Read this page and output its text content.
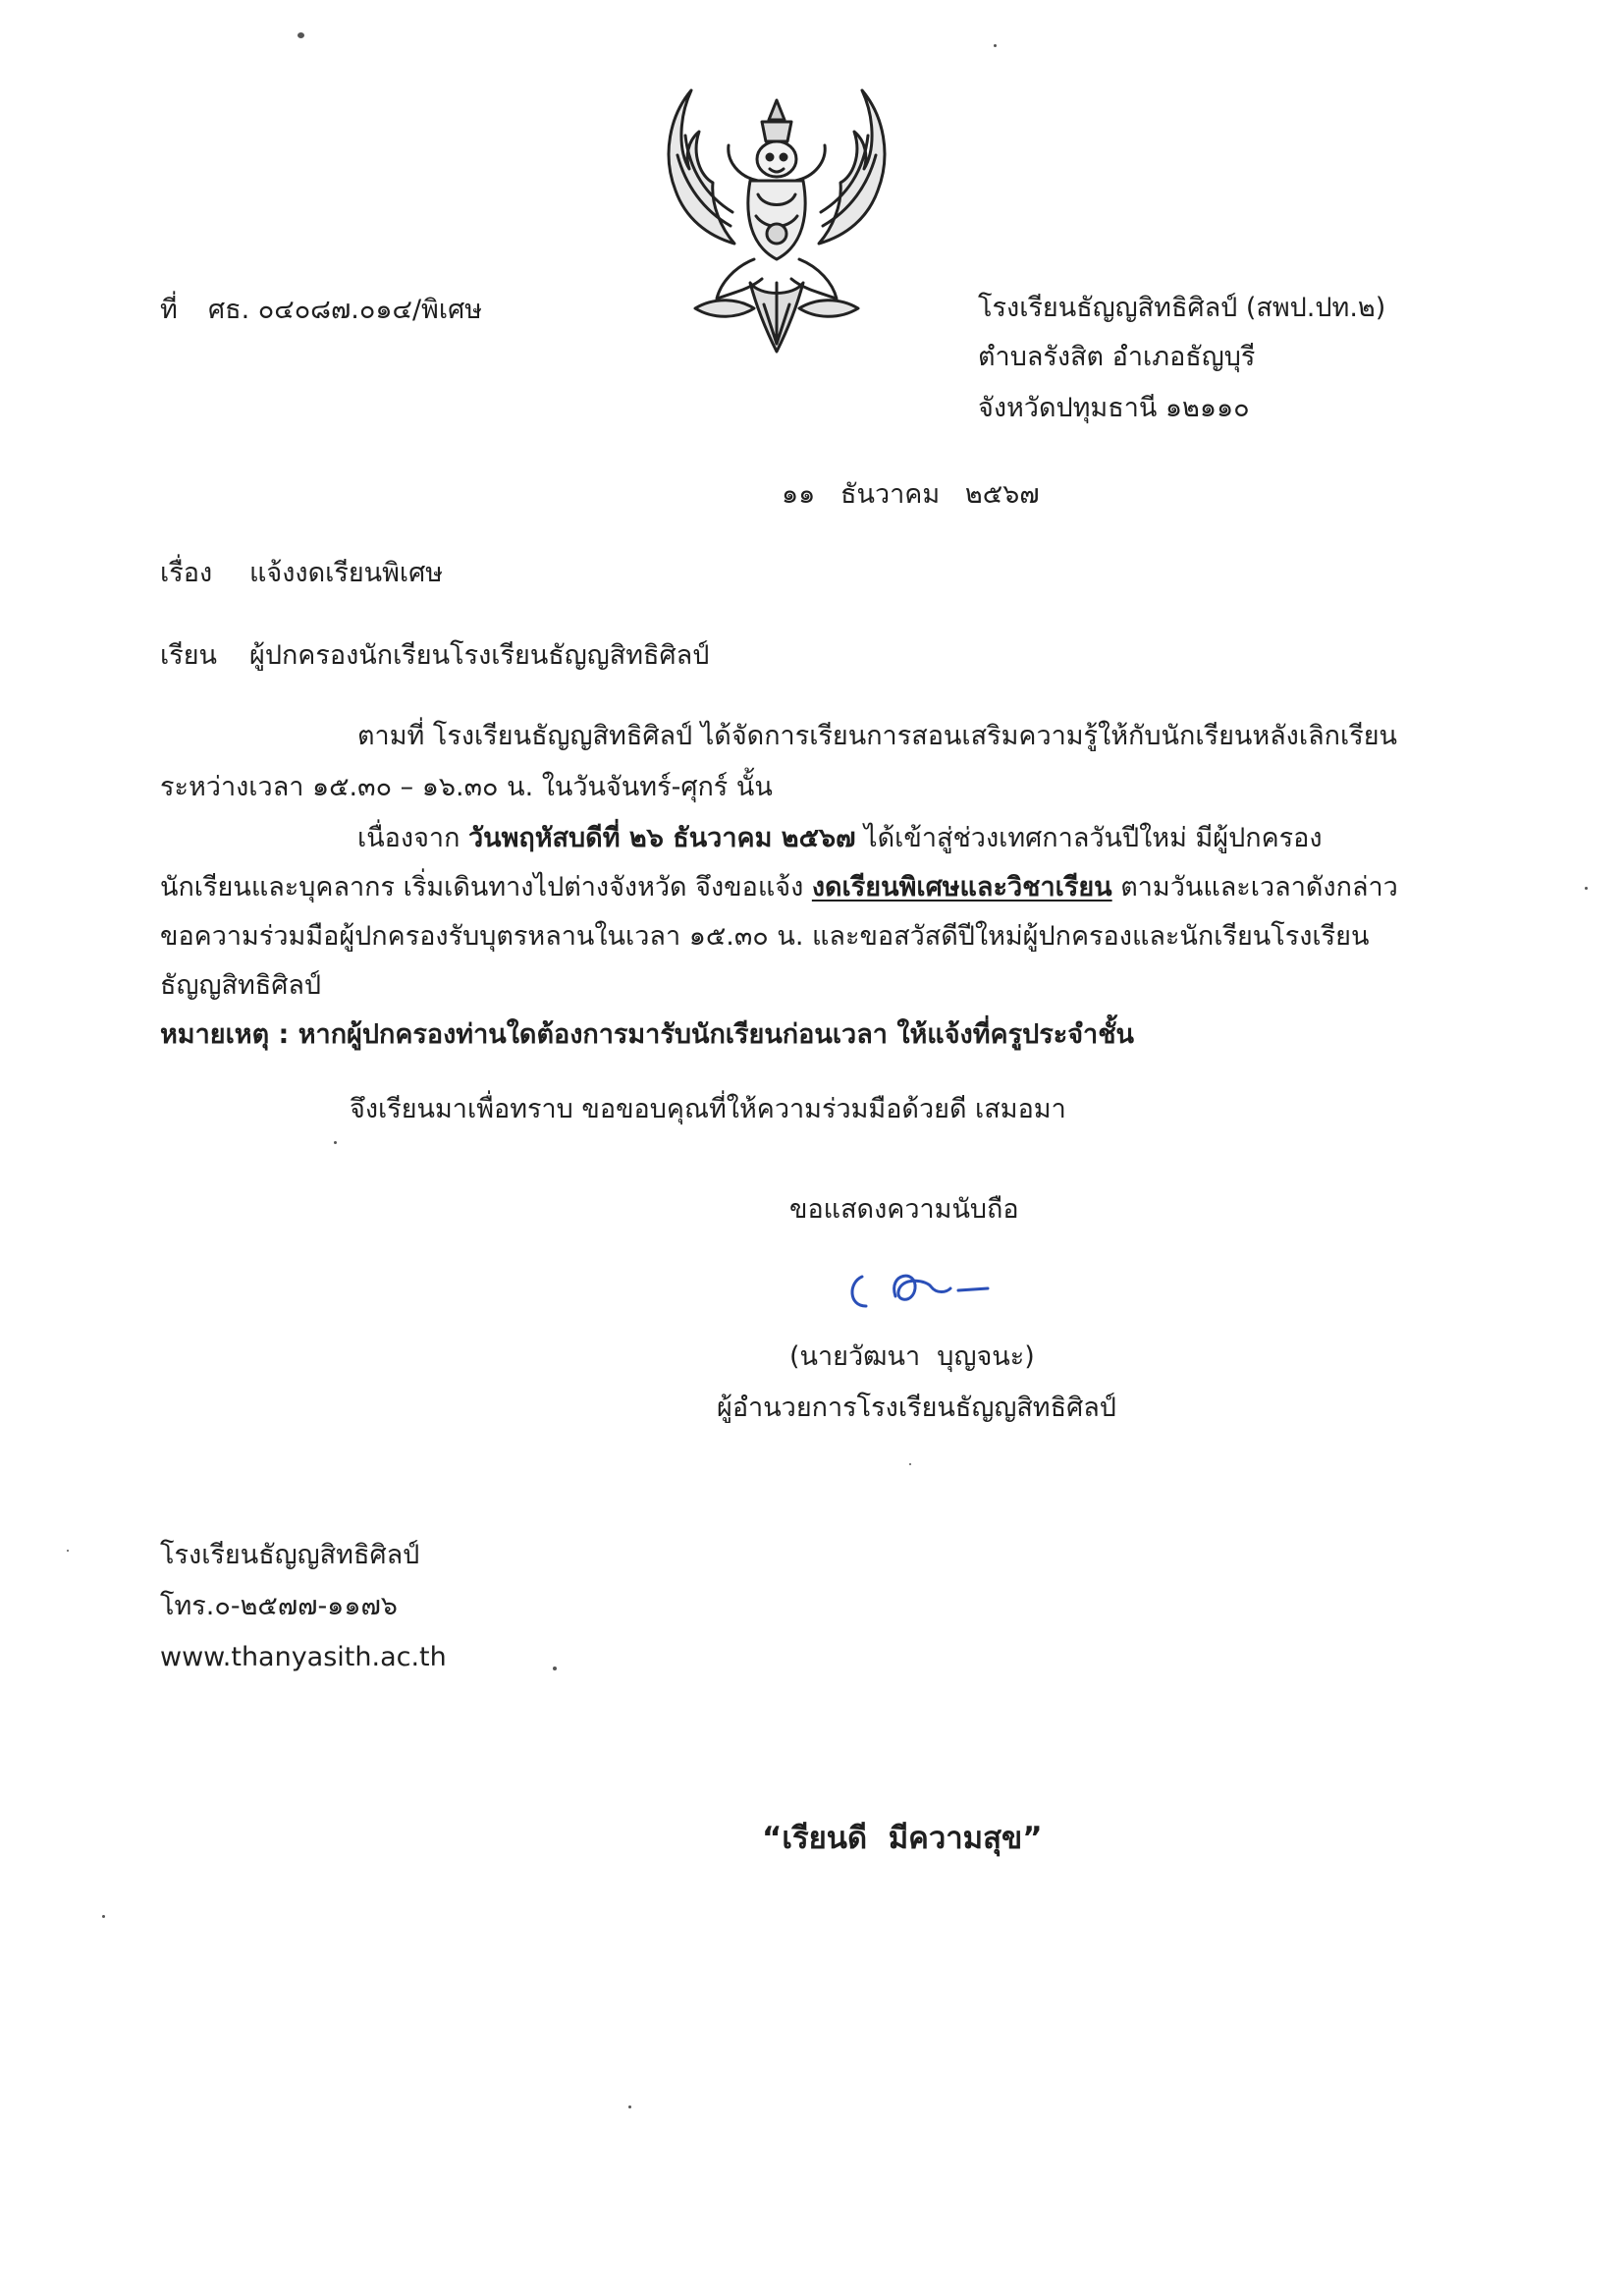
ที่ ศธ. ๐๔๐๘๗.๐๑๔/พิเศษ	โรงเรียนธัญญสิทธิศิลป์ (สพป.ปท.๒)
ตำบลรังสิต อำเภอธัญบุรี
จังหวัดปทุมธานี ๑๒๑๑๐
๑๑   ธันวาคม   ๒๕๖๗
เรื่อง แจ้งงดเรียนพิเศษ
เรียน ผู้ปกครองนักเรียนโรงเรียนธัญญสิทธิศิลป์
ตามที่ โรงเรียนธัญญสิทธิศิลป์ ได้จัดการเรียนการสอนเสริมความรู้ให้กับนักเรียนหลังเลิกเรียน
ระหว่างเวลา ๑๕.๓๐ – ๑๖.๓๐ น. ในวันจันทร์-ศุกร์ นั้น
เนื่องจาก วันพฤหัสบดีที่ ๒๖ ธันวาคม ๒๕๖๗ ได้เข้าสู่ช่วงเทศกาลวันปีใหม่ มีผู้ปกครอง
นักเรียนและบุคลากร เริ่มเดินทางไปต่างจังหวัด จึงขอแจ้ง งดเรียนพิเศษและวิชาเรียน ตามวันและเวลาดังกล่าว
ขอความร่วมมือผู้ปกครองรับบุตรหลานในเวลา ๑๕.๓๐ น. และขอสวัสดีปีใหม่ผู้ปกครองและนักเรียนโรงเรียน
ธัญญสิทธิศิลป์
หมายเหตุ : หากผู้ปกครองท่านใดต้องการมารับนักเรียนก่อนเวลา ให้แจ้งที่ครูประจำชั้น
จึงเรียนมาเพื่อทราบ ขอขอบคุณที่ให้ความร่วมมือด้วยดี เสมอมา
ขอแสดงความนับถือ
(นายวัฒนา  บุญจนะ)
ผู้อำนวยการโรงเรียนธัญญสิทธิศิลป์
โรงเรียนธัญญสิทธิศิลป์
โทร.๐-๒๕๗๗-๑๑๗๖
www.thanyasith.ac.th
“เรียนดี  มีความสุข”
